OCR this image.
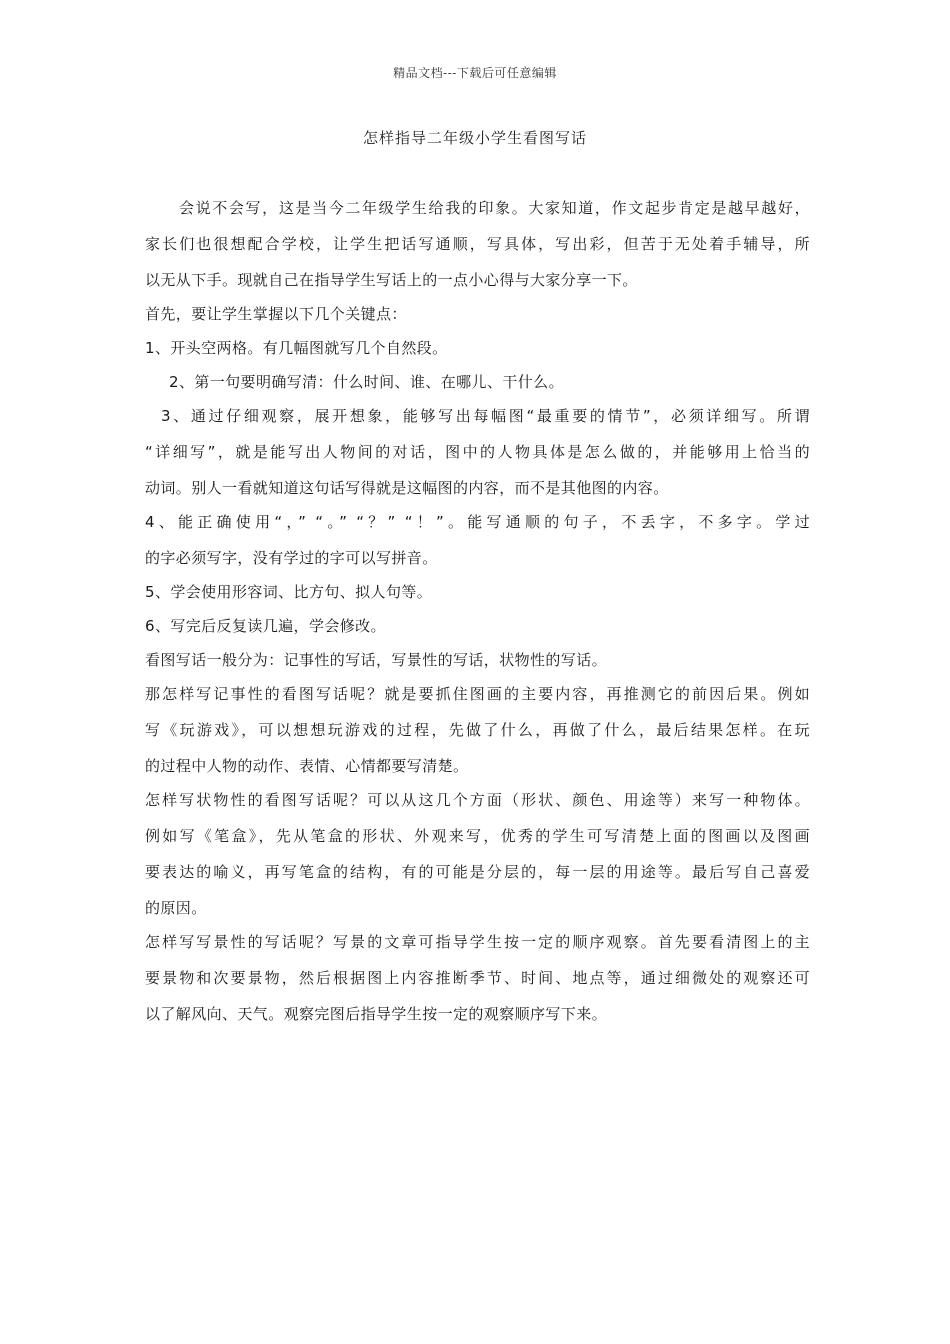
精品文档---下载后可任意编辑
怎样指导二年级小学生看图写话
会说不会写，这是当今二年级学生给我的印象。大家知道，作文起步肯定是越早越好，
家长们也很想配合学校，让学生把话写通顺，写具体，写出彩，但苦于无处着手辅导，所
以无从下手。现就自己在指导学生写话上的一点小心得与大家分享一下。
首先，要让学生掌握以下几个关键点：
1、开头空两格。有几幅图就写几个自然段。
2、第一句要明确写清：什么时间、谁、在哪儿、干什么。
3、通过仔细观察，展开想象，能够写出每幅图“最重要的情节”，必须详细写。所谓
“详细写”，就是能写出人物间的对话，图中的人物具体是怎么做的，并能够用上恰当的
动词。别人一看就知道这句话写得就是这幅图的内容，而不是其他图的内容。
4、能正确使用“，” “。” “？” “！”。能写通顺的句子，不丢字，不多字。学过
的字必须写字，没有学过的字可以写拼音。
5、学会使用形容词、比方句、拟人句等。
6、写完后反复读几遍，学会修改。
看图写话一般分为：记事性的写话，写景性的写话，状物性的写话。
那怎样写记事性的看图写话呢？就是要抓住图画的主要内容，再推测它的前因后果。例如
写《玩游戏》，可以想想玩游戏的过程，先做了什么，再做了什么，最后结果怎样。在玩
的过程中人物的动作、表情、心情都要写清楚。
怎样写状物性的看图写话呢？可以从这几个方面（形状、颜色、用途等）来写一种物体。
例如写《笔盒》，先从笔盒的形状、外观来写，优秀的学生可写清楚上面的图画以及图画
要表达的喻义，再写笔盒的结构，有的可能是分层的，每一层的用途等。最后写自己喜爱
的原因。
怎样写写景性的写话呢？写景的文章可指导学生按一定的顺序观察。首先要看清图上的主
要景物和次要景物，然后根据图上内容推断季节、时间、地点等，通过细微处的观察还可
以了解风向、天气。观察完图后指导学生按一定的观察顺序写下来。
